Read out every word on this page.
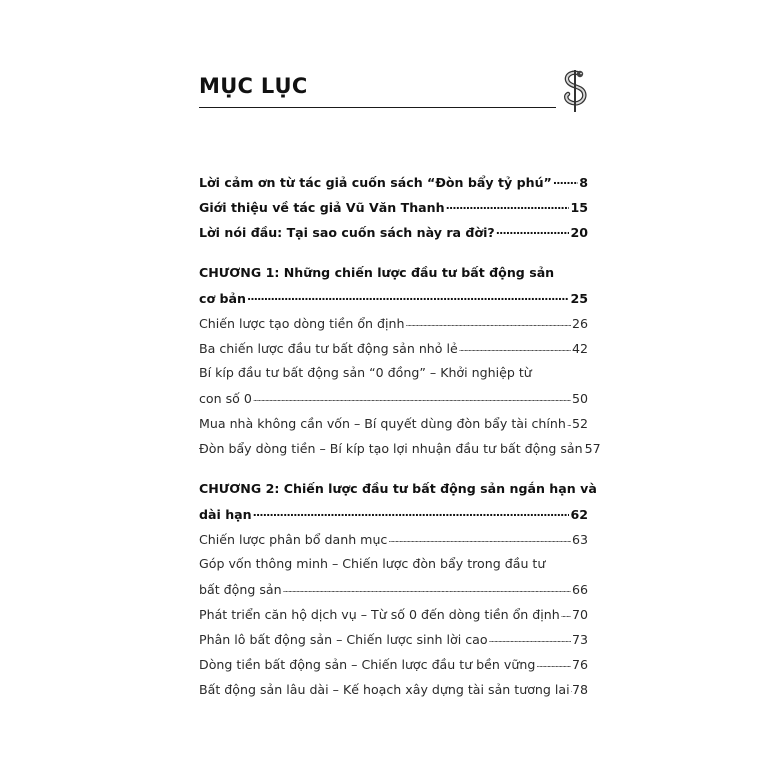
MỤC LỤC
Lời cảm ơn từ tác giả cuốn sách “Đòn bẩy tỷ phú” ..... 8
Giới thiệu về tác giả Vũ Văn Thanh .....	15
Lời nói đầu: Tại sao cuốn sách này ra đời? .....	20
CHƯƠNG 1: Những chiến lược đầu tư bất động sản
cơ bản .....	25
Chiến lược tạo dòng tiền ổn định .....	26
Ba chiến lược đầu tư bất động sản nhỏ lẻ .....	42
Bí kíp đầu tư bất động sản “0 đồng” – Khởi nghiệp từ
con số 0 .....	50
Mua nhà không cần vốn – Bí quyết dùng đòn bẩy tài chính ..... 52
Đòn bẩy dòng tiền – Bí kíp tạo lợi nhuận đầu tư bất động sản 57
CHƯƠNG 2: Chiến lược đầu tư bất động sản ngắn hạn và
dài hạn .....	62
Chiến lược phân bổ danh mục .....	63
Góp vốn thông minh – Chiến lược đòn bẩy trong đầu tư
bất động sản .....	66
Phát triển căn hộ dịch vụ – Từ số 0 đến dòng tiền ổn định ..... 70
Phân lô bất động sản – Chiến lược sinh lời cao .....	73
Dòng tiền bất động sản – Chiến lược đầu tư bền vững .....	76
Bất động sản lâu dài – Kế hoạch xây dựng tài sản tương lai ..... 78
